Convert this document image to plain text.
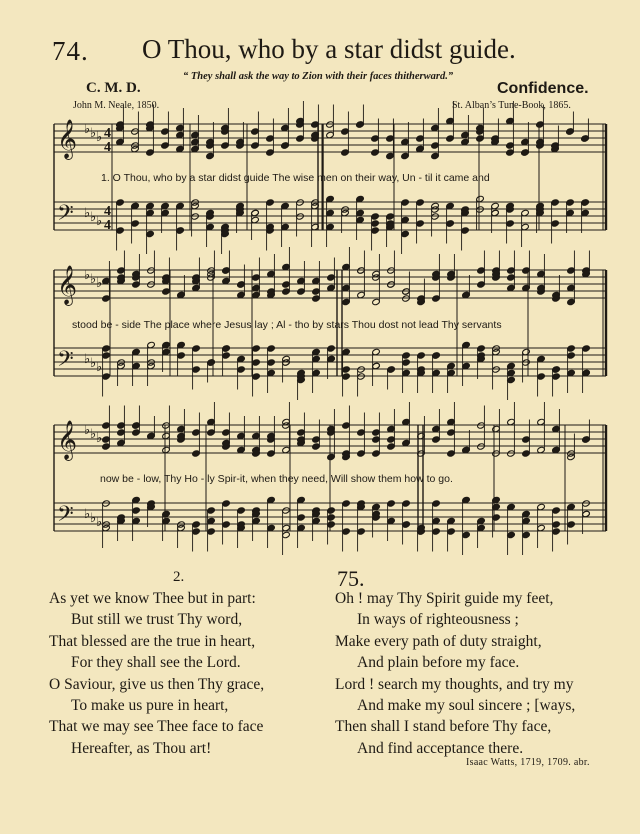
74. O Thou, who by a star didst guide.
“ They shall ask the way to Zion with their faces thitherward.”
C. M. D.	Confidence.
John M. Neale, 1850.	St. Alban’s Tune-Book, 1865.
𝄞 ♭ ♭ ♭ 4
4
𝄢 ♭ ♭ ♭
4
4
𝄞 ♭ ♭ ♭
𝄢 ♭ ♭ ♭
𝄞 ♭ ♭ ♭
𝄢 ♭ ♭ ♭
1. O Thou, who by a star didst guide The wise men on their way, Un - til it came and
stood be - side The place where Jesus lay ; Al - tho by stars Thou dost not lead Thy servants
now be - low, Thy Ho - ly Spir-it, when they need, Will show them how to go.
2.
As yet we know Thee but in part:
But still we trust Thy word,
That blessed are the true in heart,
For they shall see the Lord.
O Saviour, give us then Thy grace,
To make us pure in heart,
That we may see Thee face to face
Hereafter, as Thou art!
75.
Oh ! may Thy Spirit guide my feet,
In ways of righteousness ;
Make every path of duty straight,
And plain before my face.
Lord ! search my thoughts, and try my
And make my soul sincere ; [ways,
Then shall I stand before Thy face,
And find acceptance there.
Isaac Watts, 1719, 1709. abr.
